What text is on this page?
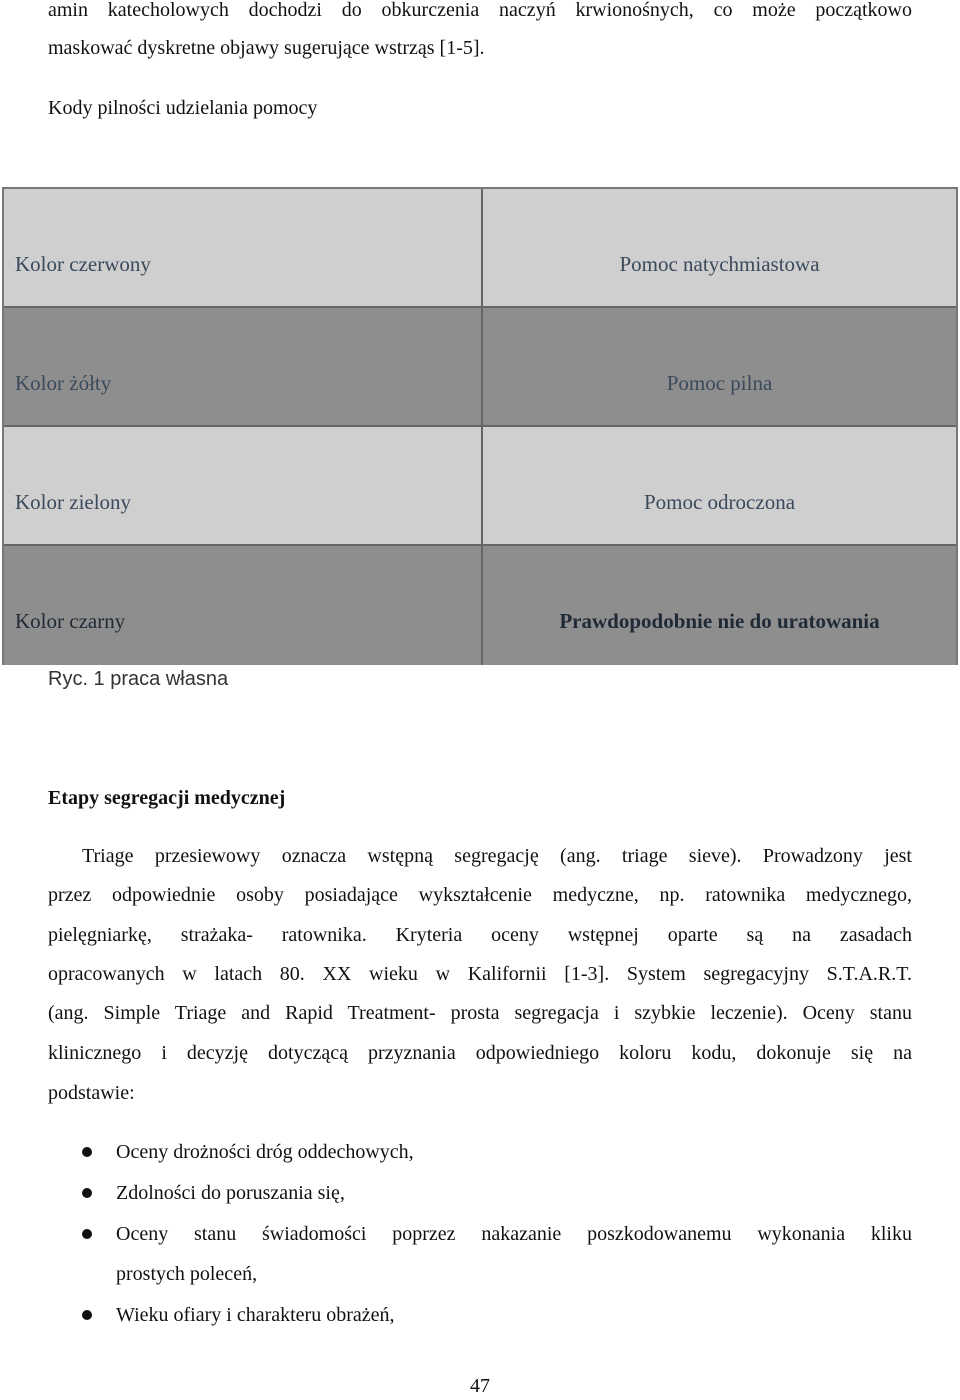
amin katecholowych dochodzi do obkurczenia naczyń krwionośnych, co może początkowo
maskować dyskretne objawy sugerujące wstrząs [1-5].
Kody pilności udzielania pomocy
Kolor czerwony	Pomoc natychmiastowa
Kolor żółty	Pomoc pilna
Kolor zielony	Pomoc odroczona
Kolor czarny	Prawdopodobnie nie do uratowania
Ryc. 1 praca własna
Etapy segregacji medycznej
Triage przesiewowy oznacza wstępną segregację (ang. triage sieve). Prowadzony jest
przez odpowiednie osoby posiadające wykształcenie medyczne, np. ratownika medycznego,
pielęgniarkę, strażaka- ratownika. Kryteria oceny wstępnej oparte są na zasadach
opracowanych w latach 80. XX wieku w Kalifornii [1-3]. System segregacyjny S.T.A.R.T.
(ang. Simple Triage and Rapid Treatment- prosta segregacja i szybkie leczenie). Oceny stanu
klinicznego i decyzję dotyczącą przyznania odpowiedniego koloru kodu, dokonuje się na
podstawie:
Oceny drożności dróg oddechowych,
Zdolności do poruszania się,
Oceny stanu świadomości poprzez nakazanie poszkodowanemu wykonania kliku
prostych poleceń,
Wieku ofiary i charakteru obrażeń,
47
